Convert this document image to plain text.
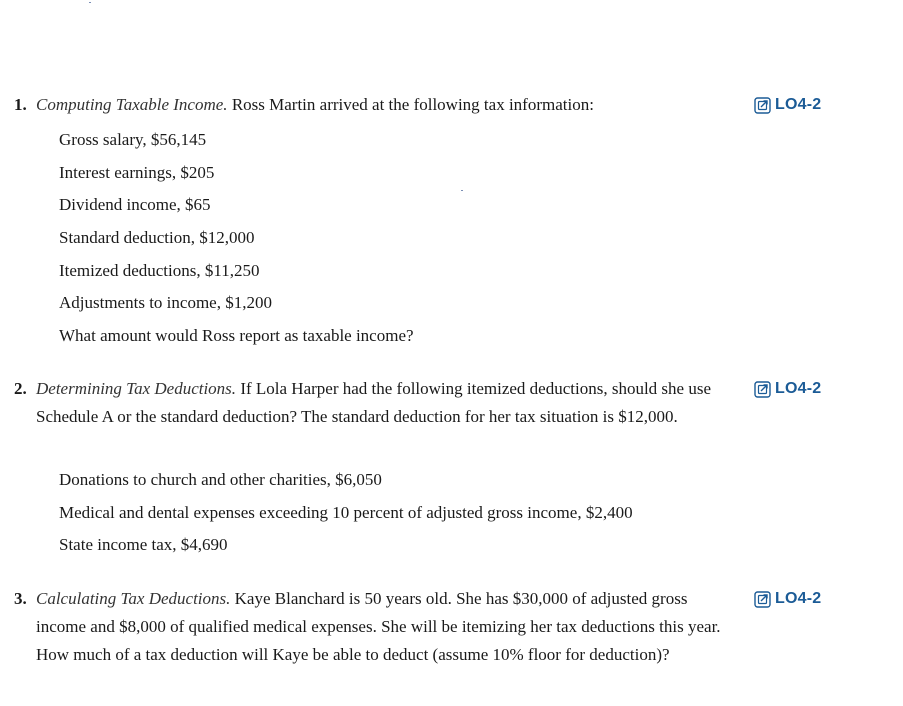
1. Computing Taxable Income. Ross Martin arrived at the following tax information:	LO4-2
Gross salary, $56,145
Interest earnings, $205
Dividend income, $65
Standard deduction, $12,000
Itemized deductions, $11,250
Adjustments to income, $1,200
What amount would Ross report as taxable income?
2. Determining Tax Deductions. If Lola Harper had the following itemized deductions, should she use Schedule A or the standard deduction? The standard deduction for her tax situation is $12,000.
LO4-2
Donations to church and other charities, $6,050
Medical and dental expenses exceeding 10 percent of adjusted gross income, $2,400
State income tax, $4,690
3. Calculating Tax Deductions. Kaye Blanchard is 50 years old. She has $30,000 of adjusted gross income and $8,000 of qualified medical expenses. She will be itemizing her tax deductions this year. How much of a tax deduction will Kaye be able to deduct (assume 10% floor for deduction)?
LO4-2
